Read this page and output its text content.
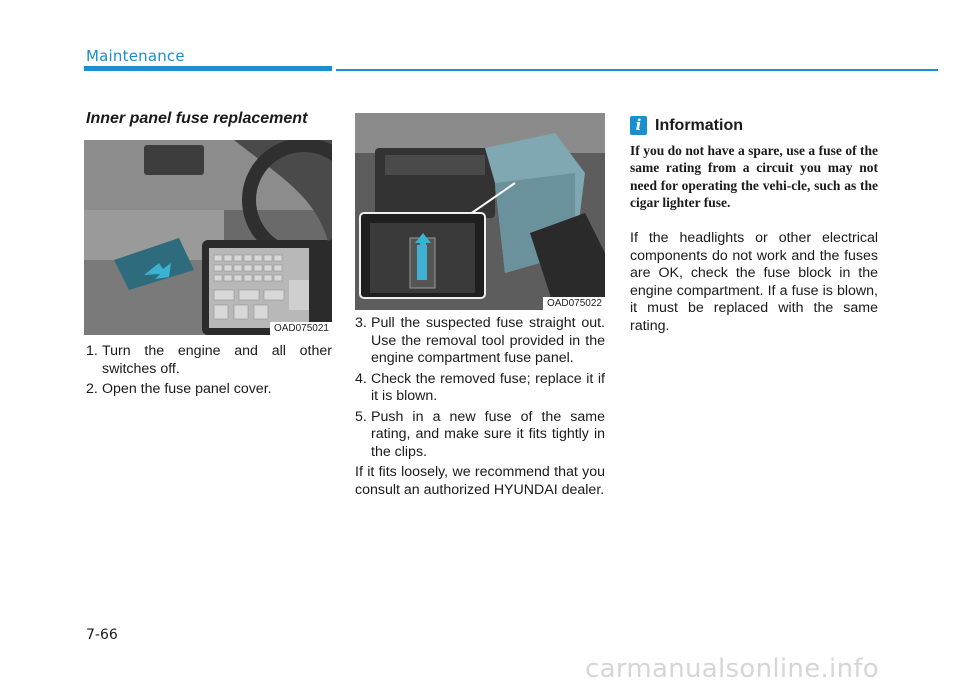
Maintenance
Inner panel fuse replacement
OAD075021
OAD075022
1. Turn the engine and all other switches off.
2. Open the fuse panel cover.
3. Pull the suspected fuse straight out. Use the removal tool provided in the engine compartment fuse panel.
4. Check the removed fuse; replace it if it is blown.
5. Push in a new fuse of the same rating, and make sure it fits tightly in the clips.

If it fits loosely, we recommend that you consult an authorized HYUNDAI dealer.

i Information
If you do not have a spare, use a fuse of the same rating from a circuit you may not need for operating the vehi-cle, such as the cigar lighter fuse.
If the headlights or other electrical components do not work and the fuses are OK, check the fuse block in the engine compartment. If a fuse is blown, it must be replaced with the same rating.
7-66
carmanualsonline.info
